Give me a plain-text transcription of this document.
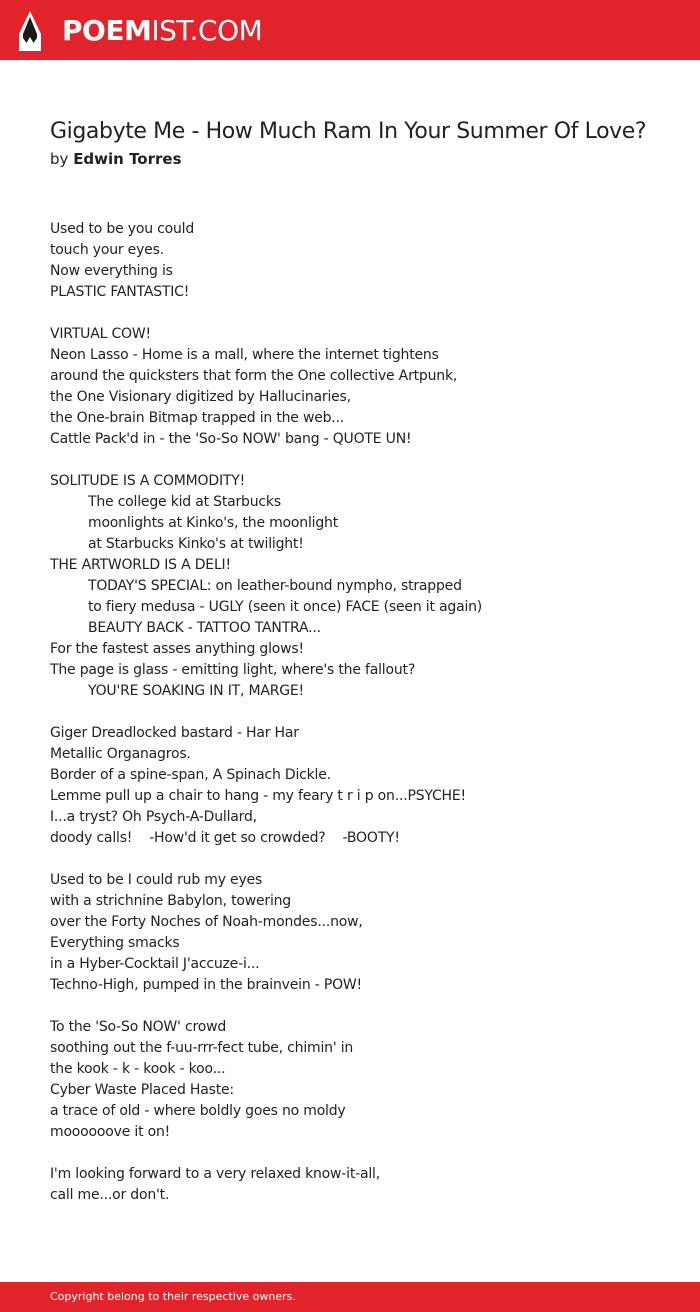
POEMIST.COM
Gigabyte Me - How Much Ram In Your Summer Of Love?
by Edwin Torres
Used to be you could
touch your eyes.
Now everything is
PLASTIC FANTASTIC!
VIRTUAL COW!
Neon Lasso - Home is a mall, where the internet tightens
around the quicksters that form the One collective Artpunk,
the One Visionary digitized by Hallucinaries,
the One-brain Bitmap trapped in the web...
Cattle Pack'd in - the 'So-So NOW' bang - QUOTE UN!
SOLITUDE IS A COMMODITY!
The college kid at Starbucks
moonlights at Kinko's, the moonlight
at Starbucks Kinko's at twilight!
THE ARTWORLD IS A DELI!
TODAY'S SPECIAL: on leather-bound nympho, strapped
to fiery medusa - UGLY (seen it once) FACE (seen it again)
BEAUTY BACK - TATTOO TANTRA...
For the fastest asses anything glows!
The page is glass - emitting light, where's the fallout?
YOU'RE SOAKING IN IT, MARGE!
Giger Dreadlocked bastard - Har Har
Metallic Organagros.
Border of a spine-span, A Spinach Dickle.
Lemme pull up a chair to hang - my feary t r i p on...PSYCHE!
I...a tryst? Oh Psych-A-Dullard,
doody calls!    -How'd it get so crowded?    -BOOTY!
Used to be I could rub my eyes
with a strichnine Babylon, towering
over the Forty Noches of Noah-mondes...now,
Everything smacks
in a Hyber-Cocktail J'accuze-i...
Techno-High, pumped in the brainvein - POW!
To the 'So-So NOW' crowd
soothing out the f-uu-rrr-fect tube, chimin' in
the kook - k - kook - koo...
Cyber Waste Placed Haste:
a trace of old - where boldly goes no moldy
moooooove it on!
I'm looking forward to a very relaxed know-it-all,
call me...or don't.
Copyright belong to their respective owners.
